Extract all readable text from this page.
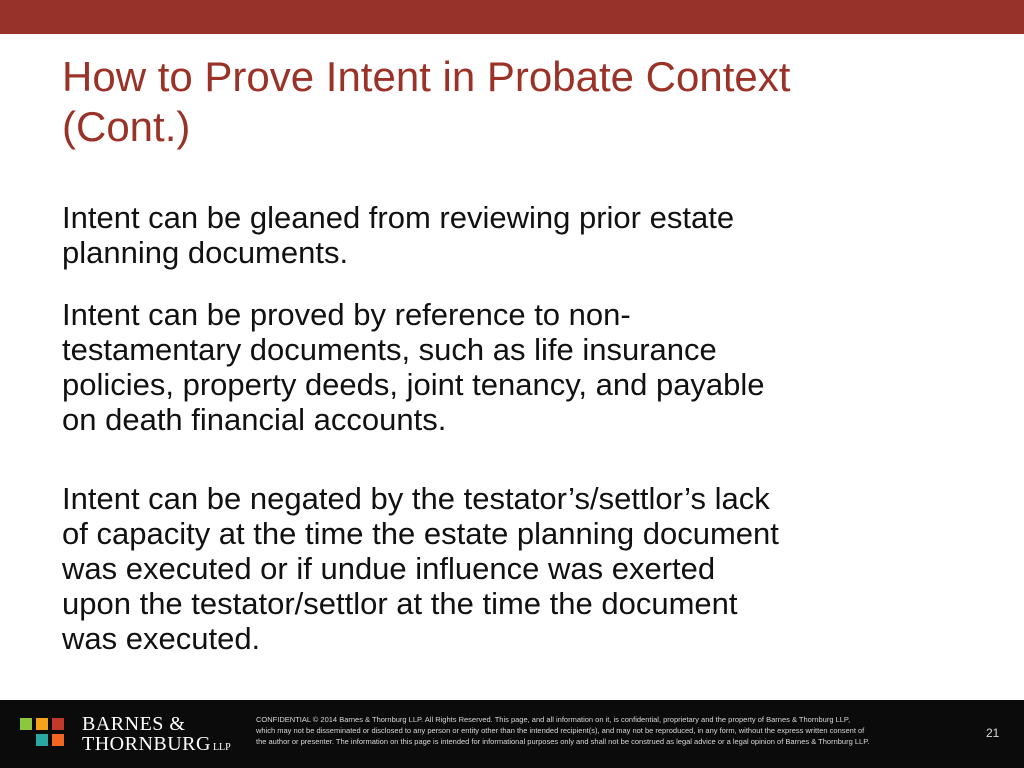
How to Prove Intent in Probate Context
(Cont.)

Intent can be gleaned from reviewing prior estate
planning documents.

Intent can be proved by reference to non-
testamentary documents, such as life insurance
policies, property deeds, joint tenancy, and payable
on death financial accounts.

Intent can be negated by the testator’s/settlor’s lack
of capacity at the time the estate planning document
was executed or if undue influence was exerted
upon the testator/settlor at the time the document
was executed.

BARNES &
THORNBURG LLP
CONFIDENTIAL © 2014 Barnes & Thornburg LLP. All Rights Reserved. This page, and all information on it, is confidential, proprietary and the property of Barnes & Thornburg LLP,
which may not be disseminated or disclosed to any person or entity other than the intended recipient(s), and may not be reproduced, in any form, without the express written consent of
the author or presenter. The information on this page is intended for informational purposes only and shall not be construed as legal advice or a legal opinion of Barnes & Thornburg LLP.
21
